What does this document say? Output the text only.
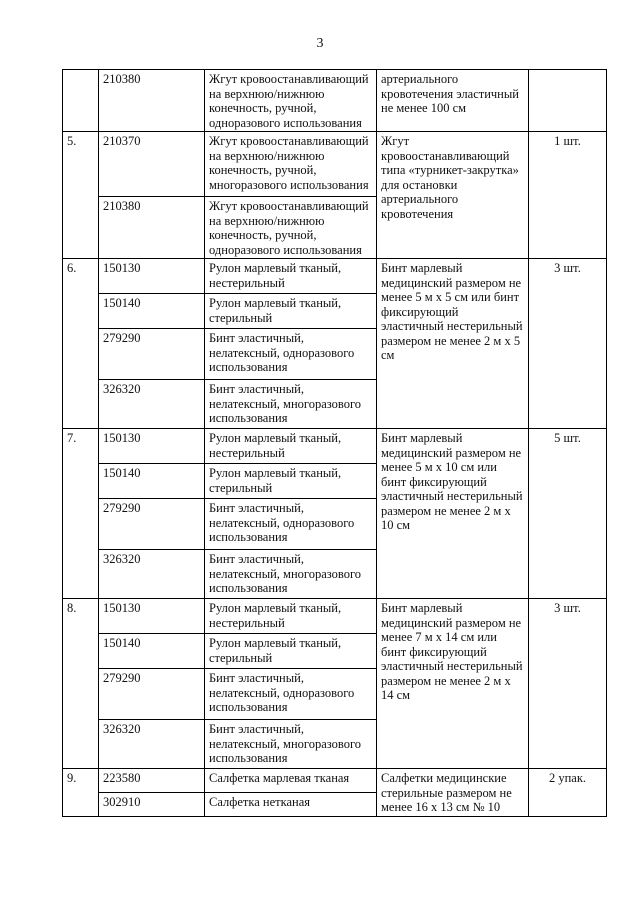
3
	210380	Жгут кровоостанавливающий на верхнюю/нижнюю конечность, ручной, одноразового использования	артериального кровотечения эластичный не менее 100 см	
5.	210370	Жгут кровоостанавливающий на верхнюю/нижнюю конечность, ручной, многоразового использования	Жгут кровоостанавливающий типа «турникет-закрутка» для остановки артериального кровотечения	1 шт.
	210380	Жгут кровоостанавливающий на верхнюю/нижнюю конечность, ручной, одноразового использования		
6.	150130	Рулон марлевый тканый, нестерильный	Бинт марлевый медицинский размером не менее 5 м х 5 см или бинт фиксирующий эластичный нестерильный размером не менее 2 м х 5 см	3 шт.
	150140	Рулон марлевый тканый, стерильный		
	279290	Бинт эластичный, нелатексный, одноразового использования		
	326320	Бинт эластичный, нелатексный, многоразового использования		
7.	150130	Рулон марлевый тканый, нестерильный	Бинт марлевый медицинский размером не менее 5 м х 10 см или бинт фиксирующий эластичный нестерильный размером не менее 2 м х 10 см	5 шт.
	150140	Рулон марлевый тканый, стерильный		
	279290	Бинт эластичный, нелатексный, одноразового использования		
	326320	Бинт эластичный, нелатексный, многоразового использования		
8.	150130	Рулон марлевый тканый, нестерильный	Бинт марлевый медицинский размером не менее 7 м х 14 см или бинт фиксирующий эластичный нестерильный размером не менее 2 м х 14 см	3 шт.
	150140	Рулон марлевый тканый, стерильный		
	279290	Бинт эластичный, нелатексный, одноразового использования		
	326320	Бинт эластичный, нелатексный, многоразового использования		
9.	223580	Салфетка марлевая тканая	Салфетки медицинские стерильные размером не менее 16 х 13 см № 10	2 упак.
	302910	Салфетка нетканая		
